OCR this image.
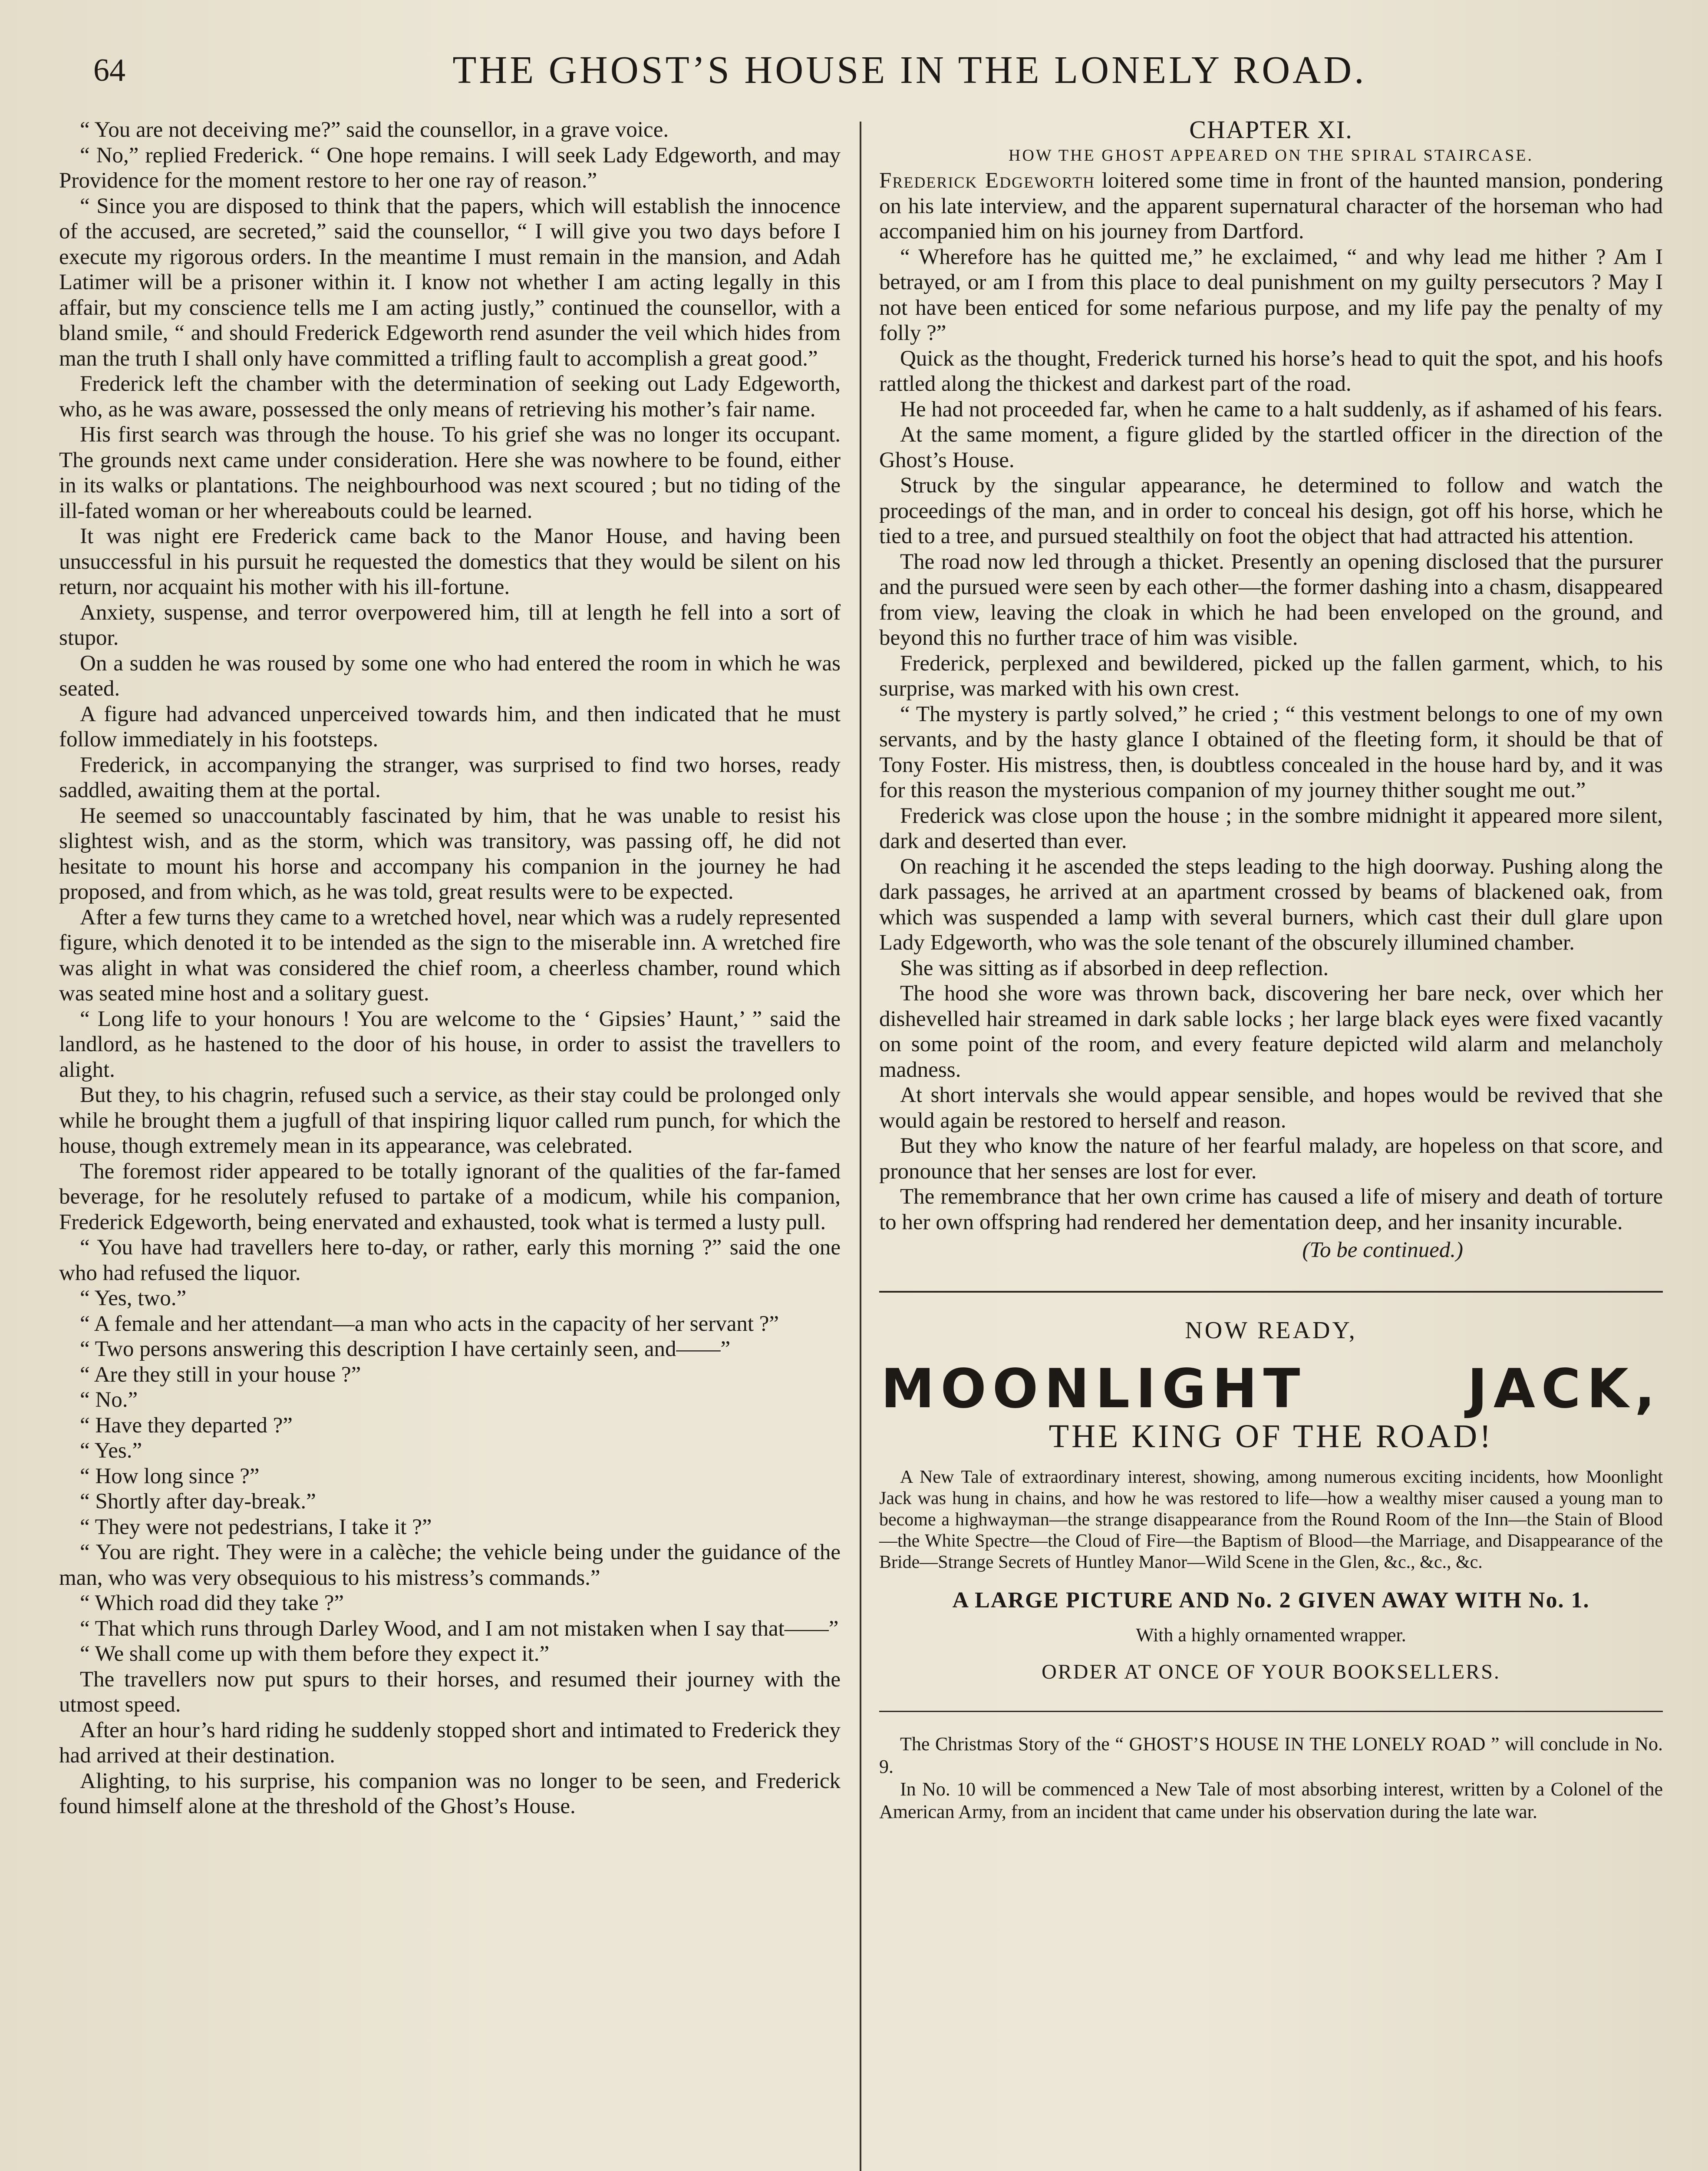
64	THE GHOST’S HOUSE IN THE LONELY ROAD.

“ You are not deceiving me?” said the counsellor, in a grave voice.

“ No,” replied Frederick. “ One hope remains. I will seek Lady Edgeworth, and may Providence for the moment restore to her one ray of reason.”

“ Since you are disposed to think that the papers, which will establish the innocence of the accused, are secreted,” said the counsellor, “ I will give you two days before I execute my rigorous orders. In the meantime I must remain in the mansion, and Adah Latimer will be a prisoner within it. I know not whether I am acting legally in this affair, but my conscience tells me I am acting justly,” continued the counsellor, with a bland smile, “ and should Frederick Edgeworth rend asunder the veil which hides from man the truth I shall only have committed a trifling fault to accomplish a great good.”

Frederick left the chamber with the determination of seeking out Lady Edgeworth, who, as he was aware, possessed the only means of retrieving his mother’s fair name.

His first search was through the house. To his grief she was no longer its occupant. The grounds next came under consideration. Here she was nowhere to be found, either in its walks or plantations. The neighbourhood was next scoured ; but no tiding of the ill-fated woman or her whereabouts could be learned.

It was night ere Frederick came back to the Manor House, and having been unsuccessful in his pursuit he requested the domestics that they would be silent on his return, nor acquaint his mother with his ill-fortune.

Anxiety, suspense, and terror overpowered him, till at length he fell into a sort of stupor.

On a sudden he was roused by some one who had entered the room in which he was seated.

A figure had advanced unperceived towards him, and then indicated that he must follow immediately in his footsteps.

Frederick, in accompanying the stranger, was surprised to find two horses, ready saddled, awaiting them at the portal.

He seemed so unaccountably fascinated by him, that he was unable to resist his slightest wish, and as the storm, which was transitory, was passing off, he did not hesitate to mount his horse and accompany his companion in the journey he had proposed, and from which, as he was told, great results were to be expected.

After a few turns they came to a wretched hovel, near which was a rudely represented figure, which denoted it to be intended as the sign to the miserable inn. A wretched fire was alight in what was considered the chief room, a cheerless chamber, round which was seated mine host and a solitary guest.

“ Long life to your honours ! You are welcome to the ‘ Gipsies’ Haunt,’ ” said the landlord, as he hastened to the door of his house, in order to assist the travellers to alight.

But they, to his chagrin, refused such a service, as their stay could be prolonged only while he brought them a jugfull of that inspiring liquor called rum punch, for which the house, though extremely mean in its appearance, was celebrated.

The foremost rider appeared to be totally ignorant of the qualities of the far-famed beverage, for he resolutely refused to partake of a modicum, while his companion, Frederick Edgeworth, being enervated and exhausted, took what is termed a lusty pull.

“ You have had travellers here to-day, or rather, early this morning ?” said the one who had refused the liquor.

“ Yes, two.”

“ A female and her attendant—a man who acts in the capacity of her servant ?”

“ Two persons answering this description I have certainly seen, and——”

“ Are they still in your house ?”

“ No.”

“ Have they departed ?”

“ Yes.”

“ How long since ?”

“ Shortly after day-break.”

“ They were not pedestrians, I take it ?”

“ You are right. They were in a calèche; the vehicle being under the guidance of the man, who was very obsequious to his mistress’s commands.”

“ Which road did they take ?”

“ That which runs through Darley Wood, and I am not mistaken when I say that——”

“ We shall come up with them before they expect it.”

The travellers now put spurs to their horses, and resumed their journey with the utmost speed.

After an hour’s hard riding he suddenly stopped short and intimated to Frederick they had arrived at their destination.

Alighting, to his surprise, his companion was no longer to be seen, and Frederick found himself alone at the threshold of the Ghost’s House.

CHAPTER XI.

HOW THE GHOST APPEARED ON THE SPIRAL STAIRCASE.

Frederick Edgeworth loitered some time in front of the haunted mansion, pondering on his late interview, and the apparent supernatural character of the horseman who had accompanied him on his journey from Dartford.

“ Wherefore has he quitted me,” he exclaimed, “ and why lead me hither ? Am I betrayed, or am I from this place to deal punishment on my guilty persecutors ? May I not have been enticed for some nefarious purpose, and my life pay the penalty of my folly ?”

Quick as the thought, Frederick turned his horse’s head to quit the spot, and his hoofs rattled along the thickest and darkest part of the road.

He had not proceeded far, when he came to a halt suddenly, as if ashamed of his fears.

At the same moment, a figure glided by the startled officer in the direction of the Ghost’s House.

Struck by the singular appearance, he determined to follow and watch the proceedings of the man, and in order to conceal his design, got off his horse, which he tied to a tree, and pursued stealthily on foot the object that had attracted his attention.

The road now led through a thicket. Presently an opening disclosed that the pursurer and the pursued were seen by each other—the former dashing into a chasm, disappeared from view, leaving the cloak in which he had been enveloped on the ground, and beyond this no further trace of him was visible.

Frederick, perplexed and bewildered, picked up the fallen garment, which, to his surprise, was marked with his own crest.

“ The mystery is partly solved,” he cried ; “ this vestment belongs to one of my own servants, and by the hasty glance I obtained of the fleeting form, it should be that of Tony Foster. His mistress, then, is doubtless concealed in the house hard by, and it was for this reason the mysterious companion of my journey thither sought me out.”

Frederick was close upon the house ; in the sombre midnight it appeared more silent, dark and deserted than ever.

On reaching it he ascended the steps leading to the high doorway. Pushing along the dark passages, he arrived at an apartment crossed by beams of blackened oak, from which was suspended a lamp with several burners, which cast their dull glare upon Lady Edgeworth, who was the sole tenant of the obscurely illumined chamber.

She was sitting as if absorbed in deep reflection.

The hood she wore was thrown back, discovering her bare neck, over which her dishevelled hair streamed in dark sable locks ; her large black eyes were fixed vacantly on some point of the room, and every feature depicted wild alarm and melancholy madness.

At short intervals she would appear sensible, and hopes would be revived that she would again be restored to herself and reason.

But they who know the nature of her fearful malady, are hopeless on that score, and pronounce that her senses are lost for ever.

The remembrance that her own crime has caused a life of misery and death of torture to her own offspring had rendered her dementation deep, and her insanity incurable.

(To be continued.)

NOW READY,
MOONLIGHT	JACK,
THE KING OF THE ROAD!

A New Tale of extraordinary interest, showing, among numerous exciting incidents, how Moonlight Jack was hung in chains, and how he was restored to life—how a wealthy miser caused a young man to become a highwayman—the strange disappearance from the Round Room of the Inn—the Stain of Blood—the White Spectre—the Cloud of Fire—the Baptism of Blood—the Marriage, and Disappearance of the Bride—Strange Secrets of Huntley Manor—Wild Scene in the Glen, &c., &c., &c.

A LARGE PICTURE AND No. 2 GIVEN AWAY WITH No. 1.
With a highly ornamented wrapper.
ORDER AT ONCE OF YOUR BOOKSELLERS.

The Christmas Story of the “ GHOST’S HOUSE IN THE LONELY ROAD ” will conclude in No. 9.

In No. 10 will be commenced a New Tale of most absorbing interest, written by a Colonel of the American Army, from an incident that came under his observation during the late war.
